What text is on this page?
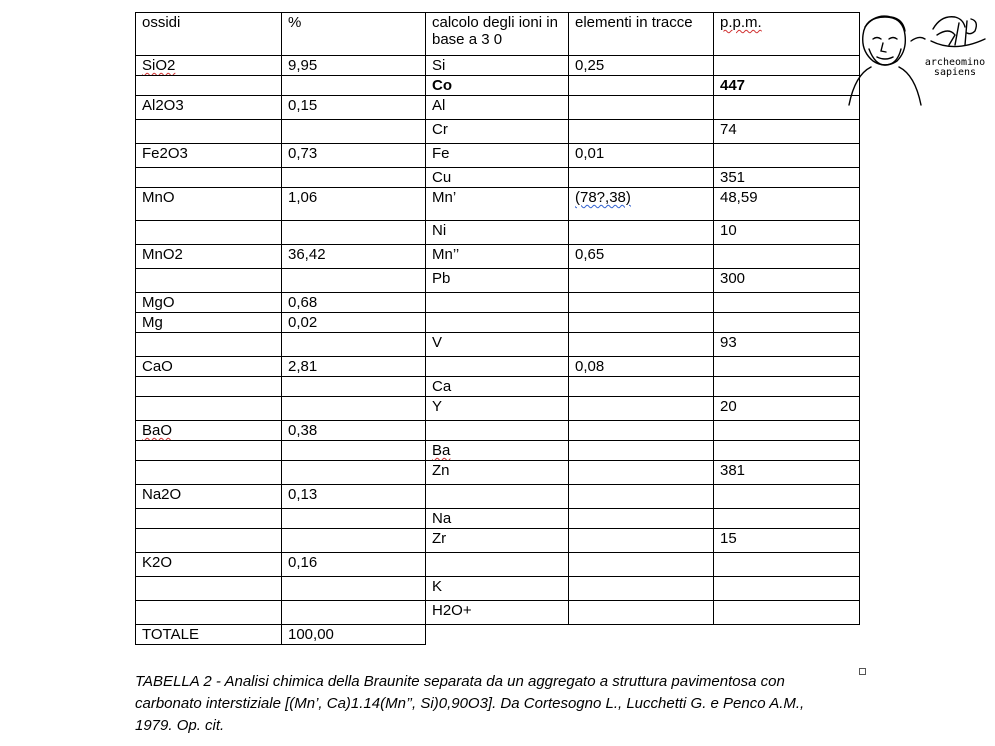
ossidi	%	calcolo degli ioni in base a 3 0	elementi in tracce	p.p.m.
SiO2	9,95	Si	0,25	
		Co		447
Al2O3	0,15	Al		
		Cr		74
Fe2O3	0,73	Fe	0,01	
		Cu		351
MnO	1,06	Mn’	(78?,38)	48,59
		Ni		10
MnO2	36,42	Mn’’	0,65	
		Pb		300
MgO	0,68			
Mg	0,02			
		V		93
CaO	2,81		0,08	
		Ca		
		Y		20
BaO	0,38			
		Ba		
		Zn		381
Na2O	0,13			
		Na		
		Zr		15
K2O	0,16			
		K		
		H2O+		
TOTALE	100,00			
TABELLA 2 - Analisi chimica della Braunite separata da un aggregato a struttura pavimentosa con
carbonato interstiziale [(Mn’, Ca)1.14(Mn’’, Si)0,90O3]. Da Cortesogno L., Lucchetti G. e Penco A.M.,
1979. Op. cit.
archeomino
sapiens
